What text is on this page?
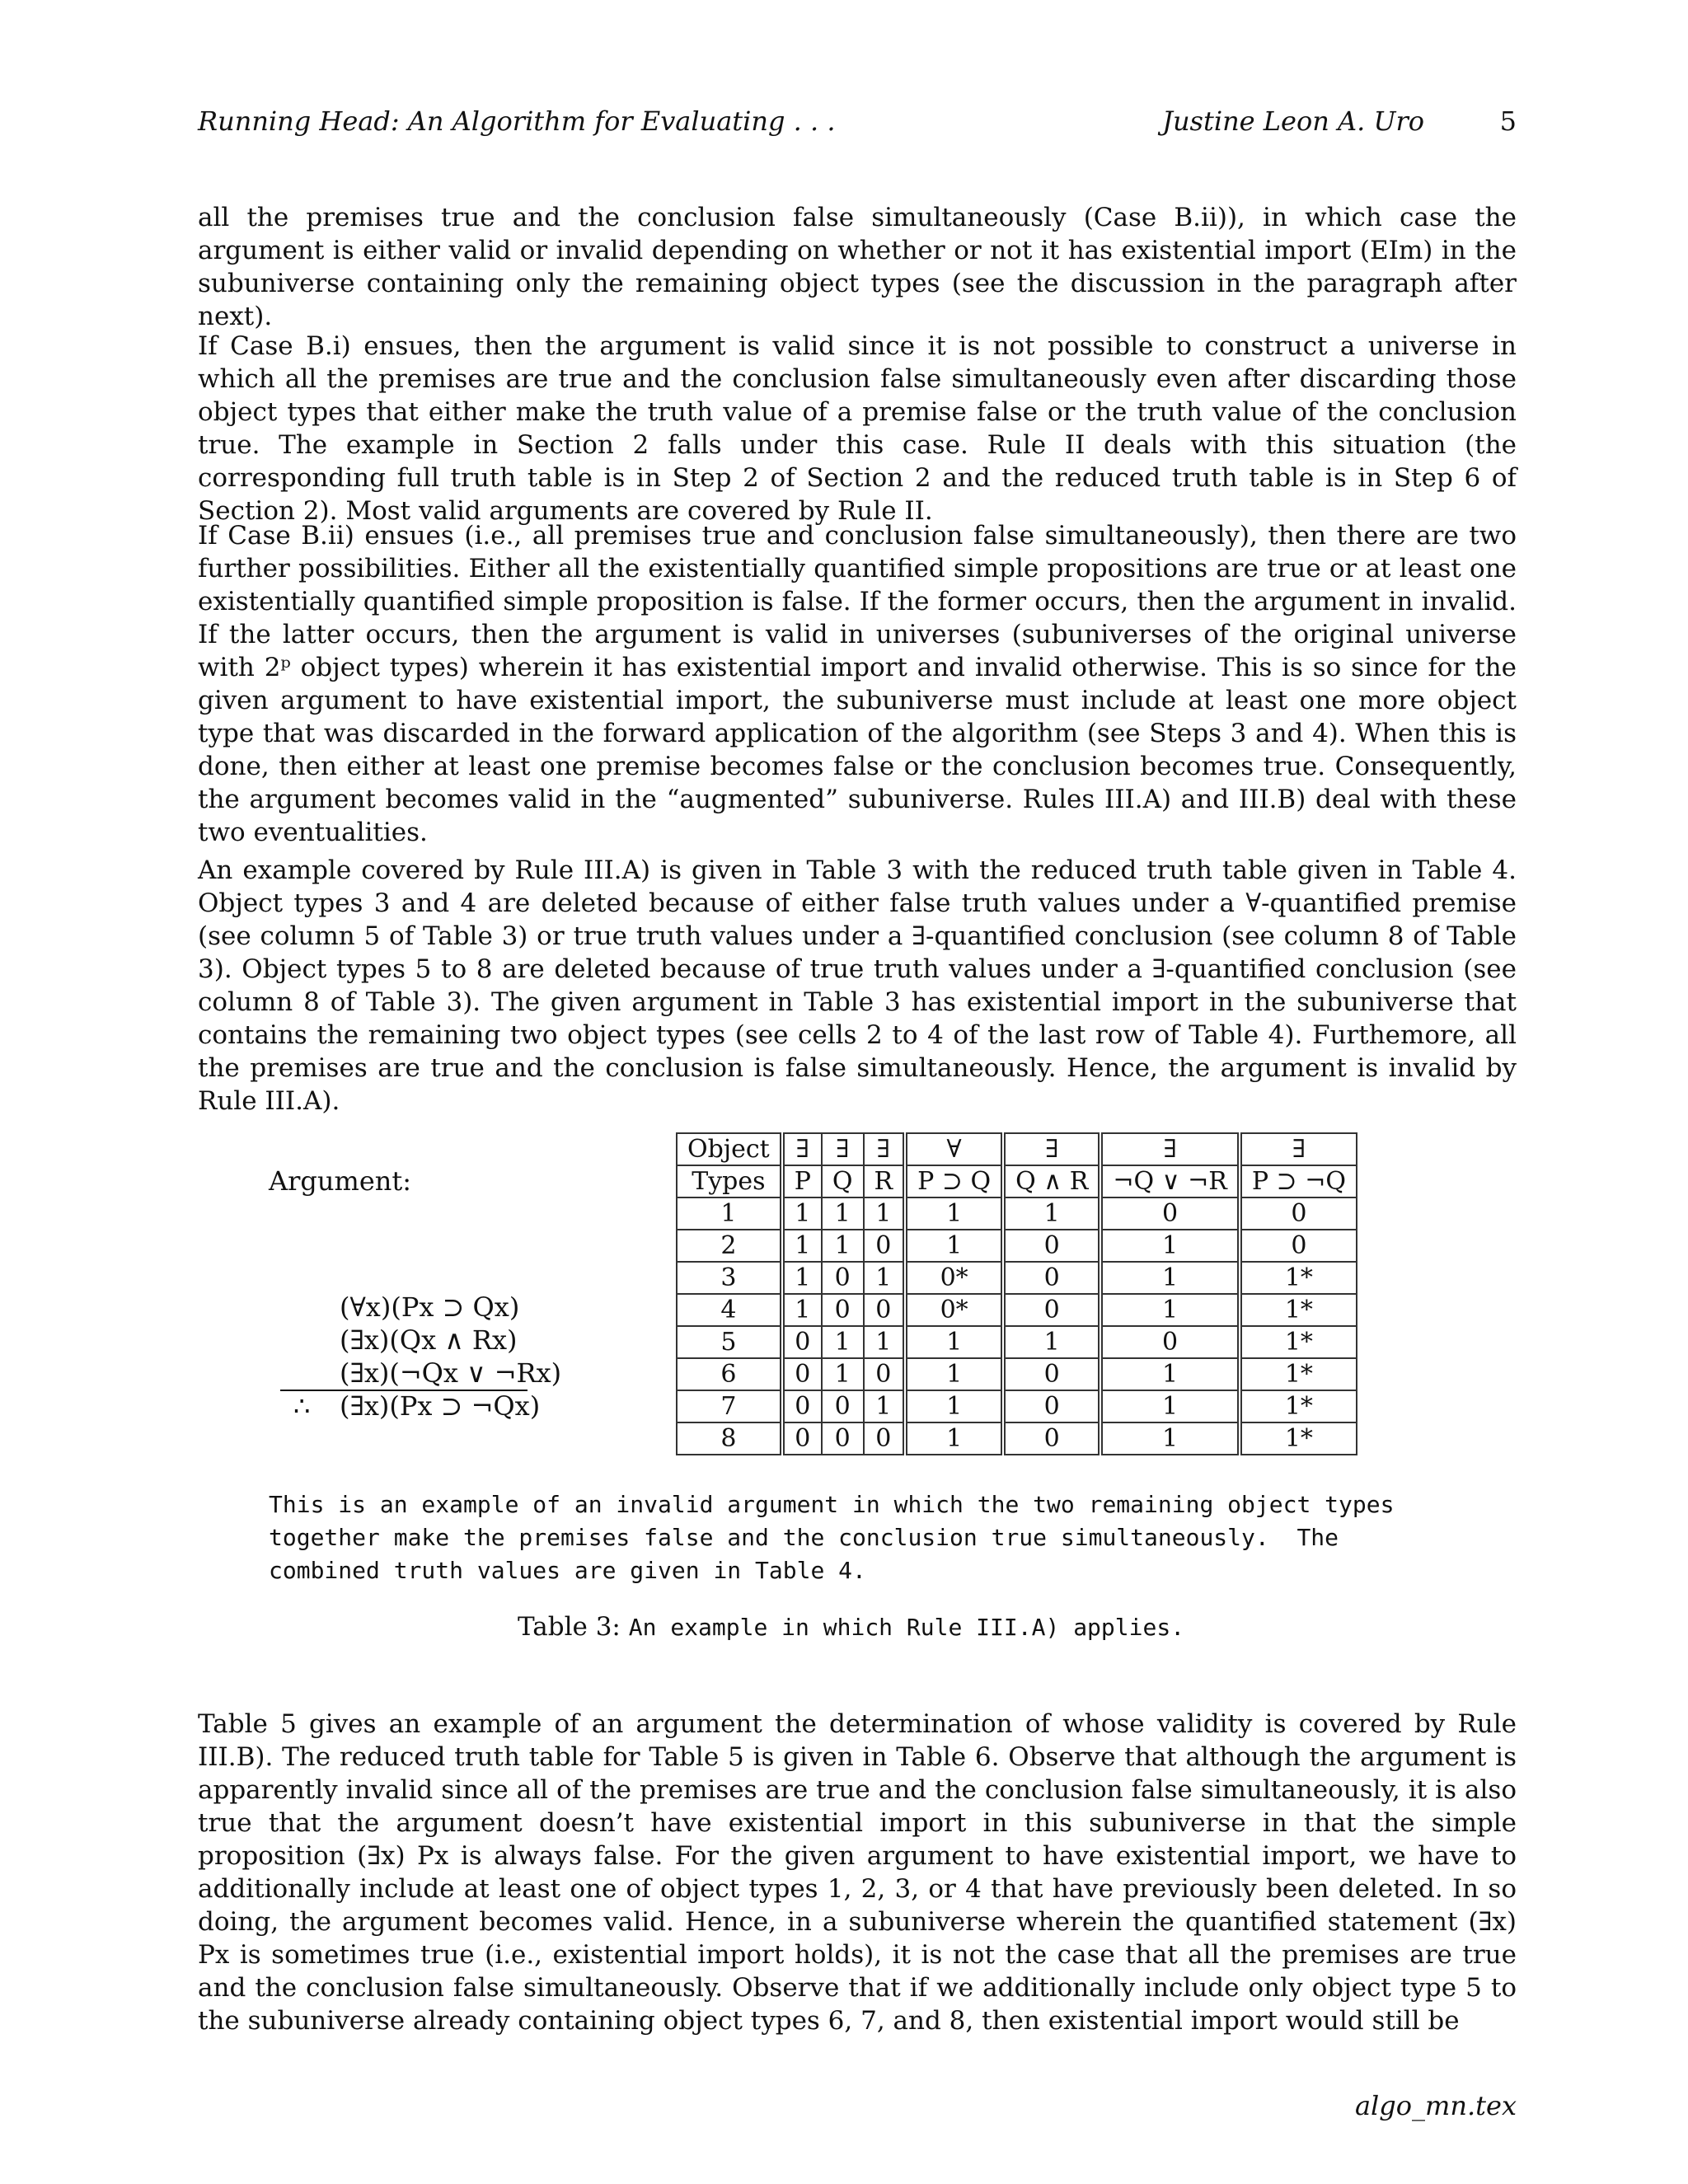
Running Head: An Algorithm for Evaluating . . .	Justine Leon A. Uro	5

all the premises true and the conclusion false simultaneously (Case B.ii)), in which case the argument is either valid or invalid depending on whether or not it has existential import (EIm) in the subuniverse containing only the remaining object types (see the discussion in the paragraph after next).

If Case B.i) ensues, then the argument is valid since it is not possible to construct a universe in which all the premises are true and the conclusion false simultaneously even after discarding those object types that either make the truth value of a premise false or the truth value of the conclusion true. The example in Section 2 falls under this case. Rule II deals with this situation (the corresponding full truth table is in Step 2 of Section 2 and the reduced truth table is in Step 6 of Section 2). Most valid arguments are covered by Rule II.

If Case B.ii) ensues (i.e., all premises true and conclusion false simultaneously), then there are two further possibilities. Either all the existentially quantified simple propositions are true or at least one existentially quantified simple proposition is false. If the former occurs, then the argument in invalid. If the latter occurs, then the argument is valid in universes (subuniverses of the original universe with 2ᵖ object types) wherein it has existential import and invalid otherwise. This is so since for the given argument to have existential import, the subuniverse must include at least one more object type that was discarded in the forward application of the algorithm (see Steps 3 and 4). When this is done, then either at least one premise becomes false or the conclusion becomes true. Consequently, the argument becomes valid in the “augmented” subuniverse. Rules III.A) and III.B) deal with these two eventualities.

An example covered by Rule III.A) is given in Table 3 with the reduced truth table given in Table 4. Object types 3 and 4 are deleted because of either false truth values under a ∀-quantified premise (see column 5 of Table 3) or true truth values under a ∃-quantified conclusion (see column 8 of Table 3). Object types 5 to 8 are deleted because of true truth values under a ∃-quantified conclusion (see column 8 of Table 3). The given argument in Table 3 has existential import in the subuniverse that contains the remaining two object types (see cells 2 to 4 of the last row of Table 4). Furthemore, all the premises are true and the conclusion is false simultaneously. Hence, the argument is invalid by Rule III.A).

Argument:
(∀x)(Px ⊃ Qx)
(∃x)(Qx ∧ Rx)
(∃x)(¬Qx ∨ ¬Rx)
∴ (∃x)(Px ⊃ ¬Qx)
Object	∃	∃	∃	∀	∃	∃	∃
Types	P	Q	R	P ⊃ Q	Q ∧ R	¬Q ∨ ¬R	P ⊃ ¬Q
1	1	1	1	1	1	0	0
2	1	1	0	1	0	1	0
3	1	0	1	0*	0	1	1*
4	1	0	0	0*	0	1	1*
5	0	1	1	1	1	0	1*
6	0	1	0	1	0	1	1*
7	0	0	1	1	0	1	1*
8	0	0	0	1	0	1	1*
This is an example of an invalid argument in which the two remaining object types
together make the premises false and the conclusion true simultaneously.  The
combined truth values are given in Table 4.
Table 3: An example in which Rule III.A) applies.

Table 5 gives an example of an argument the determination of whose validity is covered by Rule III.B). The reduced truth table for Table 5 is given in Table 6. Observe that although the argument is apparently invalid since all of the premises are true and the conclusion false simultaneously, it is also true that the argument doesn’t have existential import in this subuniverse in that the simple proposition (∃x) Px is always false. For the given argument to have existential import, we have to additionally include at least one of object types 1, 2, 3, or 4 that have previously been deleted. In so doing, the argument becomes valid. Hence, in a subuniverse wherein the quantified statement (∃x) Px is sometimes true (i.e., existential import holds), it is not the case that all the premises are true and the conclusion false simultaneously. Observe that if we additionally include only object type 5 to the subuniverse already containing object types 6, 7, and 8, then existential import would still be

algo_mn.tex
